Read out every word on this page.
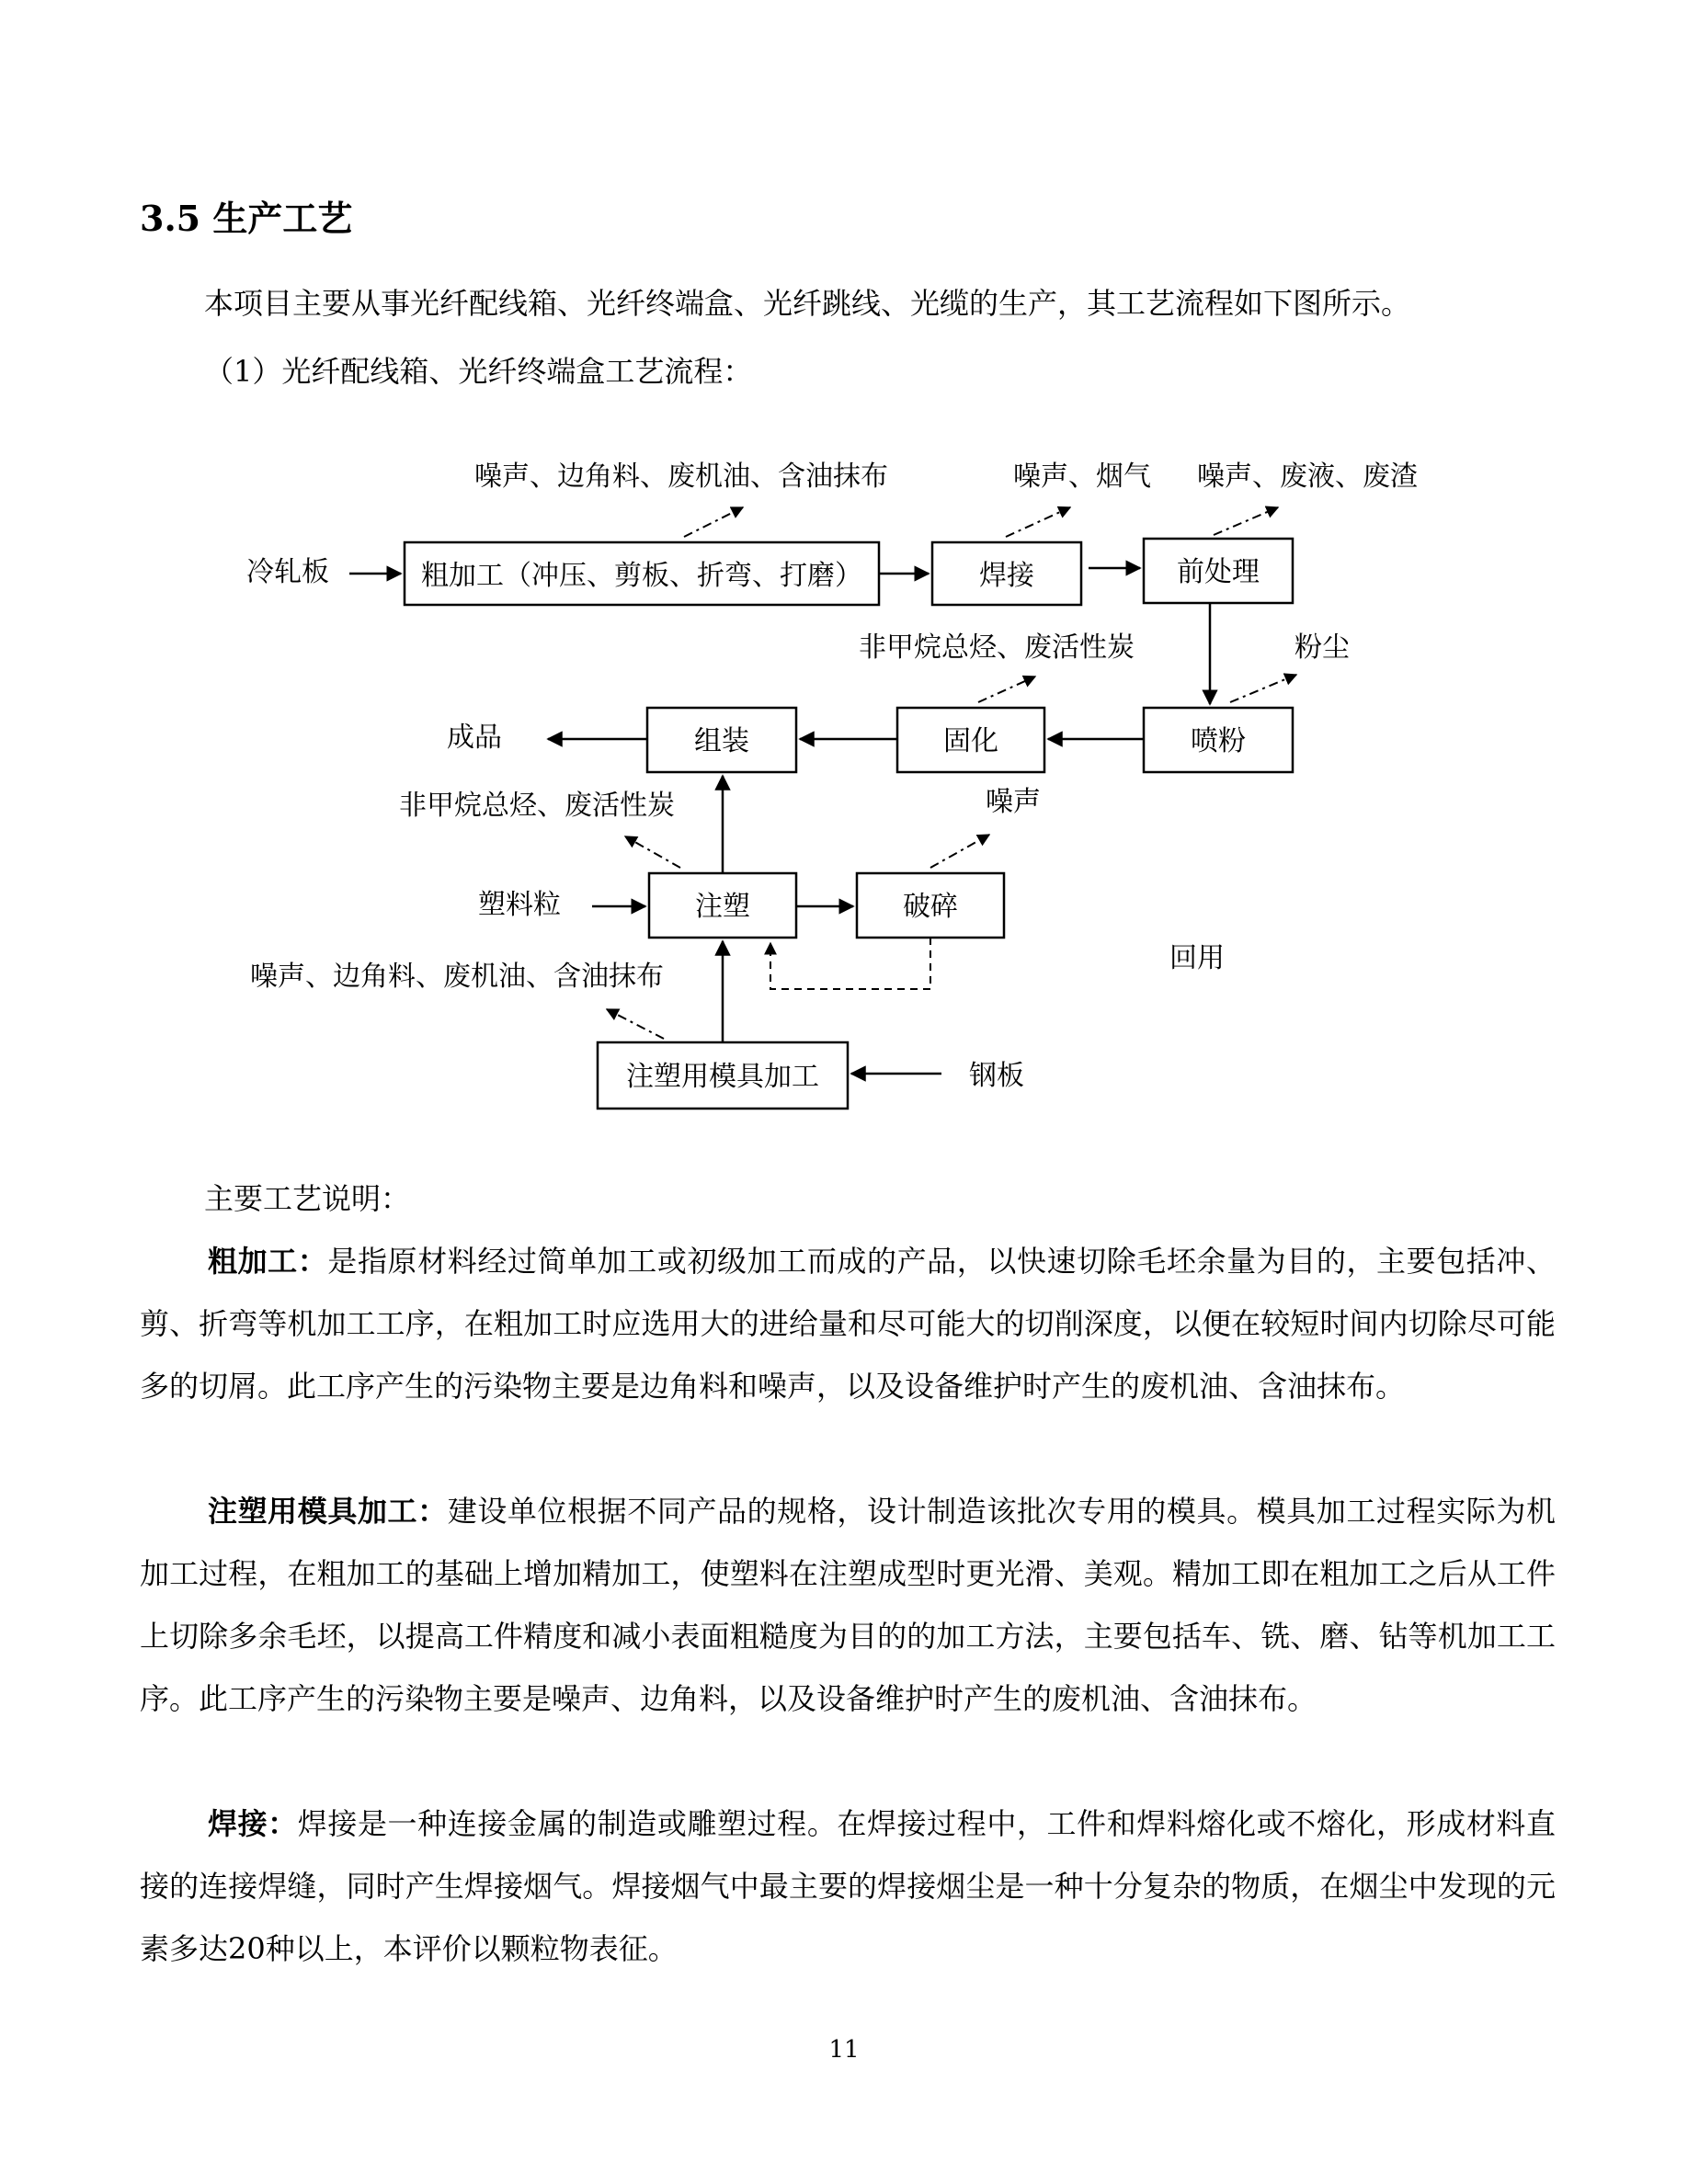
3.5 生产工艺

本项目主要从事光纤配线箱、光纤终端盒、光纤跳线、光缆的生产，其工艺流程如下图所示。

（1）光纤配线箱、光纤终端盒工艺流程：

粗加工（冲压、剪板、折弯、打磨）	焊接	前处理
喷粉
固化
组装
注塑	破碎
注塑用模具加工
冷轧板
噪声、边角料、废机油、含油抹布	噪声、烟气 噪声、废液、废渣
非甲烷总烃、废活性炭	粉尘
成品
非甲烷总烃、废活性炭	噪声
塑料粒
回用
噪声、边角料、废机油、含油抹布
钢板

主要工艺说明：

粗加工：是指原材料经过简单加工或初级加工而成的产品，以快速切除毛坯余量为目的，主要包括冲、剪、折弯等机加工工序，在粗加工时应选用大的进给量和尽可能大的切削深度，以便在较短时间内切除尽可能多的切屑。此工序产生的污染物主要是边角料和噪声，以及设备维护时产生的废机油、含油抹布。

注塑用模具加工：建设单位根据不同产品的规格，设计制造该批次专用的模具。模具加工过程实际为机加工过程，在粗加工的基础上增加精加工，使塑料在注塑成型时更光滑、美观。精加工即在粗加工之后从工件上切除多余毛坯，以提高工件精度和减小表面粗糙度为目的的加工方法，主要包括车、铣、磨、钻等机加工工序。此工序产生的污染物主要是噪声、边角料，以及设备维护时产生的废机油、含油抹布。

焊接：焊接是一种连接金属的制造或雕塑过程。在焊接过程中，工件和焊料熔化或不熔化，形成材料直接的连接焊缝，同时产生焊接烟气。焊接烟气中最主要的焊接烟尘是一种十分复杂的物质，在烟尘中发现的元素多达20种以上，本评价以颗粒物表征。

11
